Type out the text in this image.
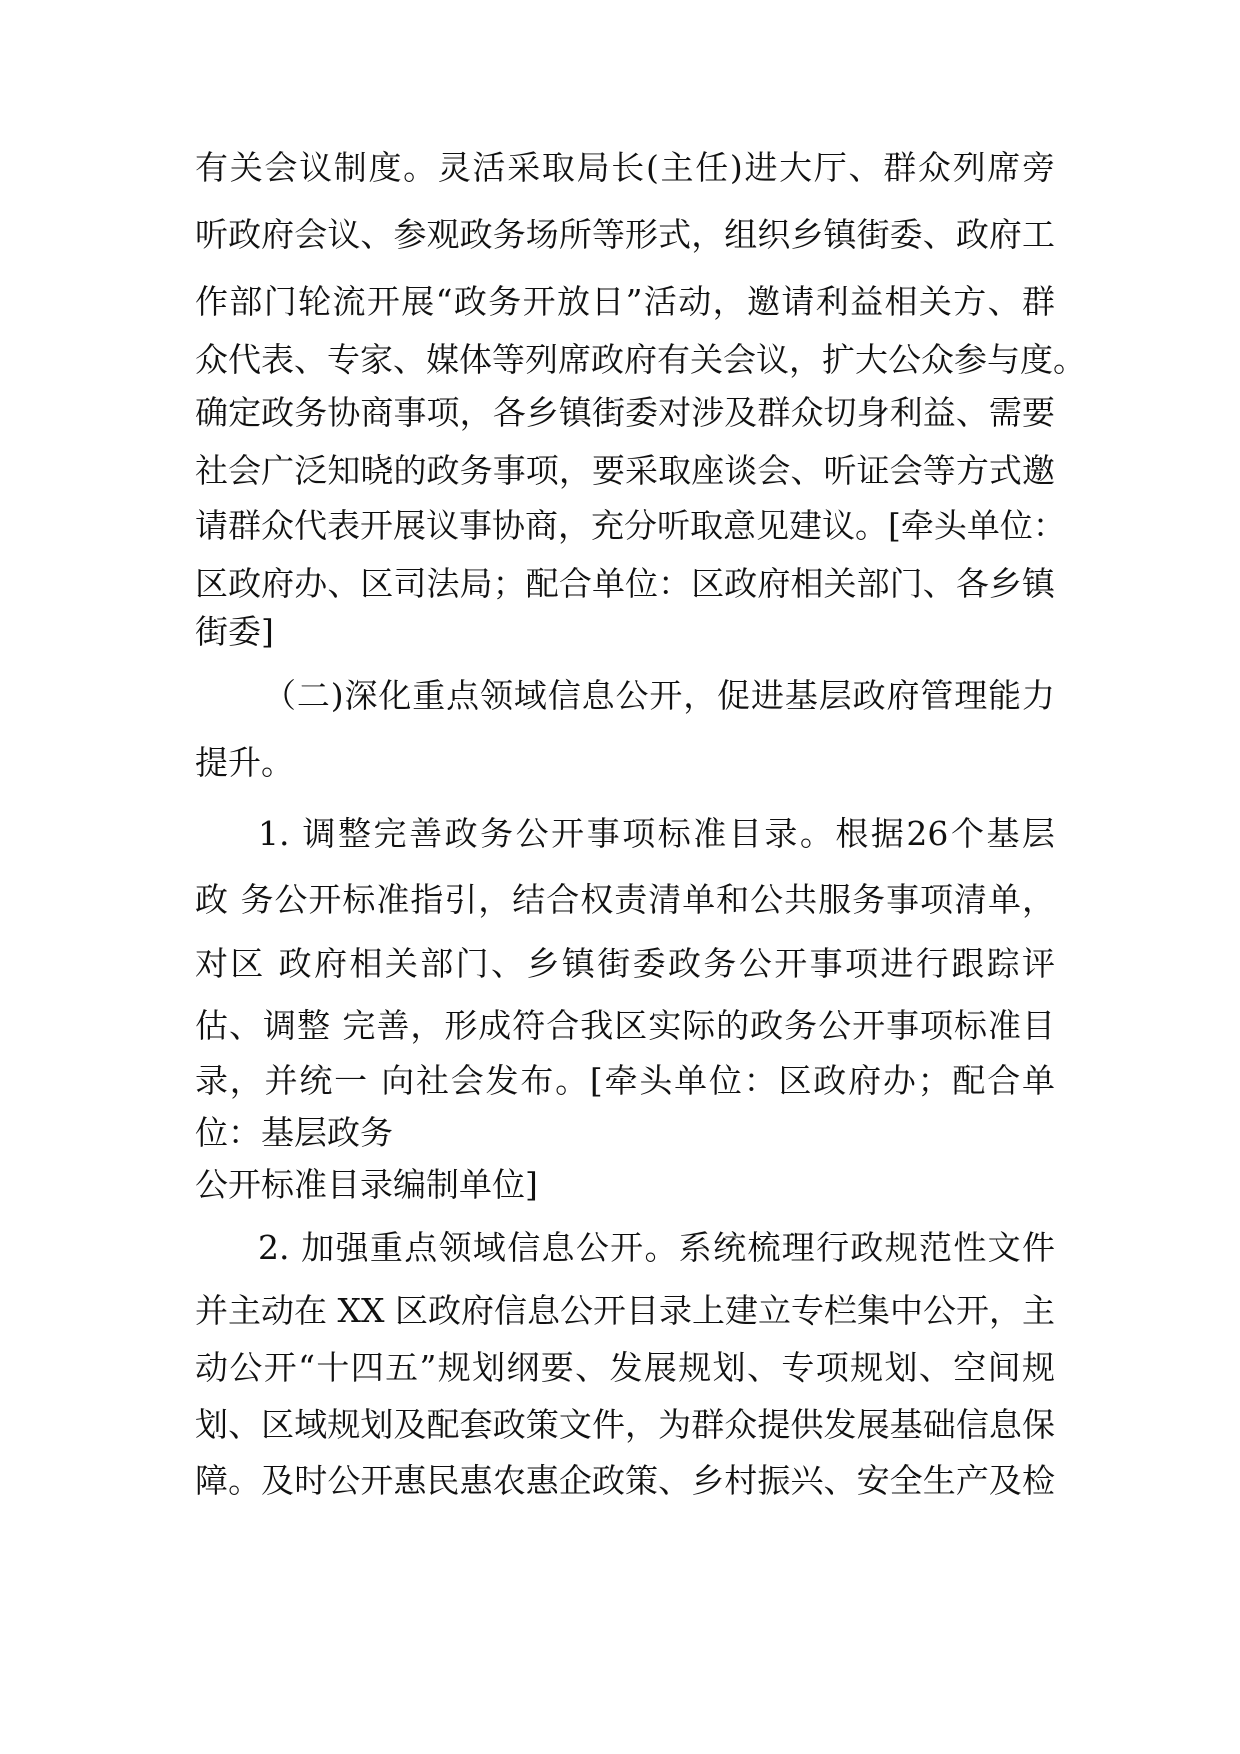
有关会议制度。灵活采取局长(主任)进大厅、群众列席旁
听政府会议、参观政务场所等形式，组织乡镇街委、政府工
作部门轮流开展“政务开放日”活动，邀请利益相关方、群
众代表、专家、媒体等列席政府有关会议，扩大公众参与度。
确定政务协商事项，各乡镇街委对涉及群众切身利益、需要
社会广泛知晓的政务事项，要采取座谈会、听证会等方式邀
请群众代表开展议事协商，充分听取意见建议。[牵头单位：
区政府办、区司法局；配合单位：区政府相关部门、各乡镇
街委]
（二)深化重点领域信息公开，促进基层政府管理能力
提升。
1. 调整完善政务公开事项标准目录。根据26个基层
政 务公开标准指引，结合权责清单和公共服务事项清单，
对区 政府相关部门、乡镇街委政务公开事项进行跟踪评
估、调整 完善，形成符合我区实际的政务公开事项标准目
录，并统一 向社会发布。[牵头单位：区政府办；配合单
位：基层政务
公开标准目录编制单位]
2. 加强重点领域信息公开。系统梳理行政规范性文件
并主动在 XX 区政府信息公开目录上建立专栏集中公开，主
动公开“十四五”规划纲要、发展规划、专项规划、空间规
划、区域规划及配套政策文件，为群众提供发展基础信息保
障。及时公开惠民惠农惠企政策、乡村振兴、安全生产及检
